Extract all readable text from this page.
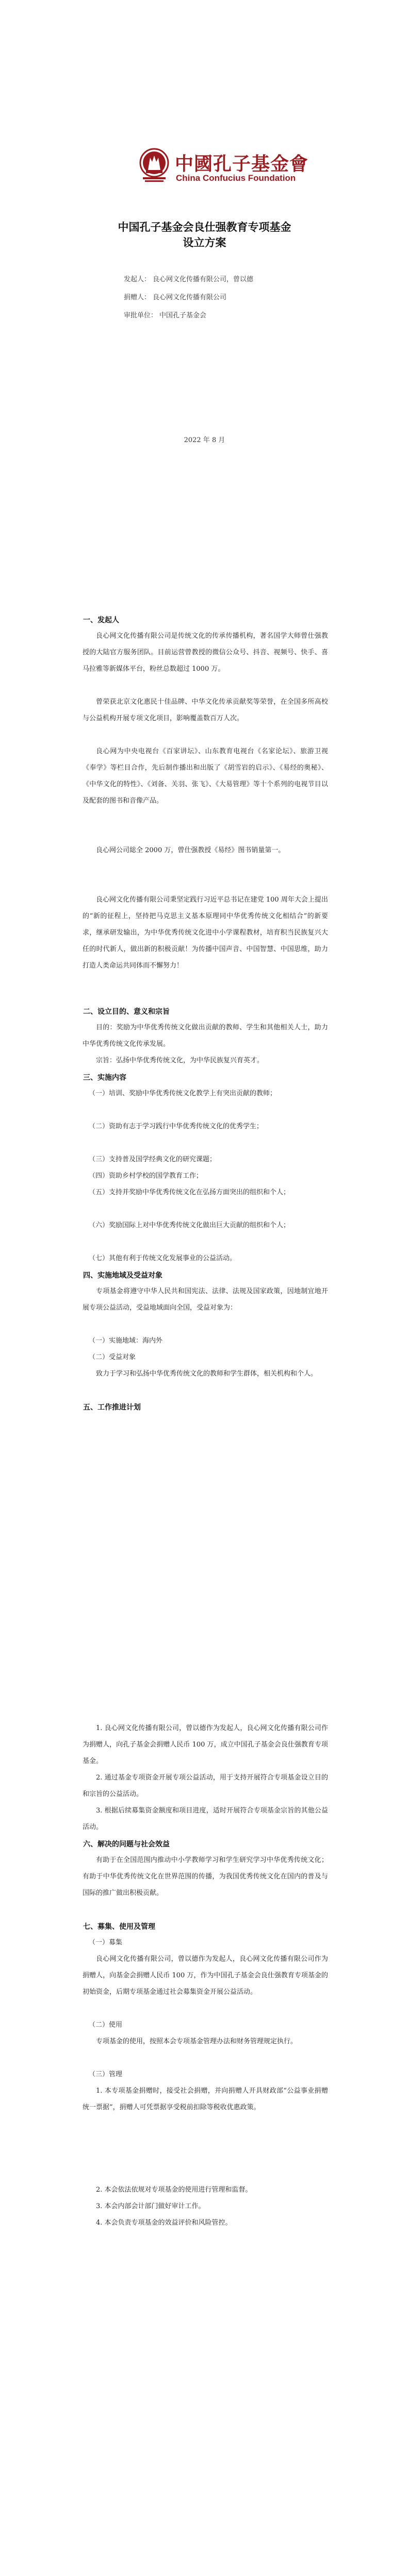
中國孔子基金會
China Confucius Foundation
中国孔子基金会良仕强教育专项基金
设立方案
发起人： 良心网文化传播有限公司，曾以德
捐赠人： 良心网文化传播有限公司
审批单位： 中国孔子基金会
2022 年 8 月
一、发起人

良心网文化传播有限公司是传统文化的传承传播机构，著名国学大师曾仕强教授的大陆官方服务团队。目前运营曾教授的微信公众号、抖音、视频号、快手、喜马拉雅等新媒体平台，粉丝总数超过 1000 万。

曾荣获北京文化惠民十佳品牌、中华文化传承贡献奖等荣誉，在全国多所高校与公益机构开展专项文化项目，影响覆盖数百万人次。

良心网为中央电视台《百家讲坛》、山东教育电视台《名家论坛》、旅游卫视《奉学》等栏目合作，先后制作播出和出版了《胡雪岩的启示》、《易经的奥秘》、《中华文化的特性》、《刘备、关羽、张飞》、《大易管理》等十个系列的电视节目以及配套的图书和音像产品。

良心网公司総全 2000 万，曾仕强教授《易经》图书销量第一。

良心网文化传播有限公司秉坚定践行习近平总书记在建党 100 周年大会上提出的“新的征程上，坚持把马克思主义基本原理同中华优秀传统文化相结合”的新要求，继承研发输出，为中华优秀传统文化进中小学课程教材，培育积当民族复兴大任的时代新人，做出新的积极贡献！为传播中国声音、中国智慧、中国思维，助力打造人类命运共同体而不懈努力！

二、设立目的、意义和宗旨

目的：奖励为中华优秀传统文化做出贡献的教师、学生和其他相关人士，助力中华优秀传统文化传承发展。

宗旨：弘扬中华优秀传统文化，为中华民族复兴育英才。

三、实施内容

（一）培训、奖励中华优秀传统文化教学上有突出贡献的教师；

（二）资助有志于学习践行中华优秀传统文化的优秀学生；

（三）支持普及国学经典文化的研究课题；

（四）资助乡村学校的国学教育工作；

（五）支持并奖励中华优秀传统文化在弘扬方面突出的组织和个人；

（六）奖励国际上对中华优秀传统文化做出巨大贡献的组织和个人；

（七）其他有利于传统文化发展事业的公益活动。

四、实施地域及受益对象

专项基金将遵守中华人民共和国宪法、法律、法规及国家政策，因地制宜地开展专项公益活动，受益地域面向全国，受益对象为：

（一）实施地域：海内外

（二）受益对象

致力于学习和弘扬中华优秀传统文化的教师和学生群体，相关机构和个人。

五、工作推进计划

1. 良心网文化传播有限公司，曾以德作为发起人，良心网文化传播有限公司作为捐赠人，向孔子基金会捐赠人民币 100 万，成立中国孔子基金会良仕强教育专项基金。

2. 通过基金专项资金开展专项公益活动，用于支持开展符合专项基金设立目的和宗旨的公益活动。

3. 根据后续募集资金额度和项目进度，适时开展符合专项基金宗旨的其他公益活动。

六、解决的问题与社会效益

有助于在全国范围内推动中小学教师学习和学生研究学习中华优秀传统文化；有助于中华优秀传统文化在世界范围的传播，为我国优秀传统文化在国内的普及与国际的推广做出积极贡献。

七、募集、使用及管理

（一）募集

良心网文化传播有限公司，曾以德作为发起人，良心网文化传播有限公司作为捐赠人，向基金会捐赠人民币 100 万，作为中国孔子基金会良仕强教育专项基金的初始资金，后期专项基金通过社会募集资金开展公益活动。

（二）使用

专项基金的使用，按照本会专项基金管理办法和财务管理规定执行。

（三）管理

1. 本专项基金捐赠时，接受社会捐赠，并向捐赠人开具财政部“公益事业捐赠统一票据”，捐赠人可凭票据享受税前扣除等税收优惠政策。

2. 本会依法依规对专项基金的使用进行管理和监督。

3. 本会内部会计部门做好审计工作。

4. 本会负责专项基金的效益评价和风险管控。
